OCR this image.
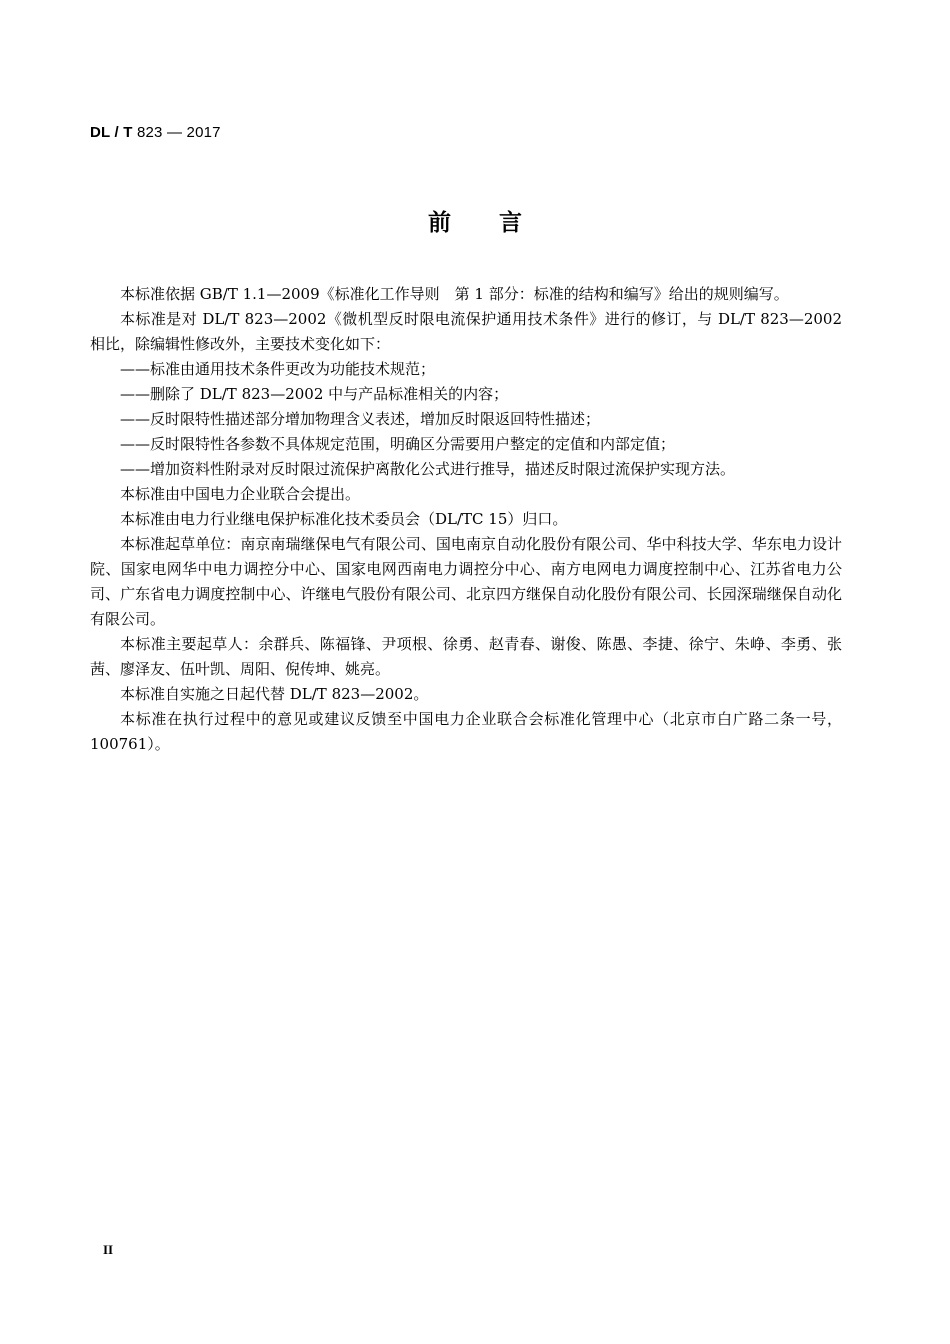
DL / T 823 — 2017
前言

本标准依据 GB/T 1.1—2009《标准化工作导则　第 1 部分：标准的结构和编写》给出的规则编写。

本标准是对 DL/T 823—2002《微机型反时限电流保护通用技术条件》进行的修订，与 DL/T 823—2002 相比，除编辑性修改外，主要技术变化如下：

——标准由通用技术条件更改为功能技术规范；

——删除了 DL/T 823—2002 中与产品标准相关的内容；

——反时限特性描述部分增加物理含义表述，增加反时限返回特性描述；

——反时限特性各参数不具体规定范围，明确区分需要用户整定的定值和内部定值；

——增加资料性附录对反时限过流保护离散化公式进行推导，描述反时限过流保护实现方法。

本标准由中国电力企业联合会提出。

本标准由电力行业继电保护标准化技术委员会（DL/TC 15）归口。

本标准起草单位：南京南瑞继保电气有限公司、国电南京自动化股份有限公司、华中科技大学、华东电力设计院、国家电网华中电力调控分中心、国家电网西南电力调控分中心、南方电网电力调度控制中心、江苏省电力公司、广东省电力调度控制中心、许继电气股份有限公司、北京四方继保自动化股份有限公司、长园深瑞继保自动化有限公司。

本标准主要起草人：余群兵、陈福锋、尹项根、徐勇、赵青春、谢俊、陈愚、李捷、徐宁、朱峥、李勇、张茜、廖泽友、伍叶凯、周阳、倪传坤、姚亮。

本标准自实施之日起代替 DL/T 823—2002。

本标准在执行过程中的意见或建议反馈至中国电力企业联合会标准化管理中心（北京市白广路二条一号，100761）。

II
